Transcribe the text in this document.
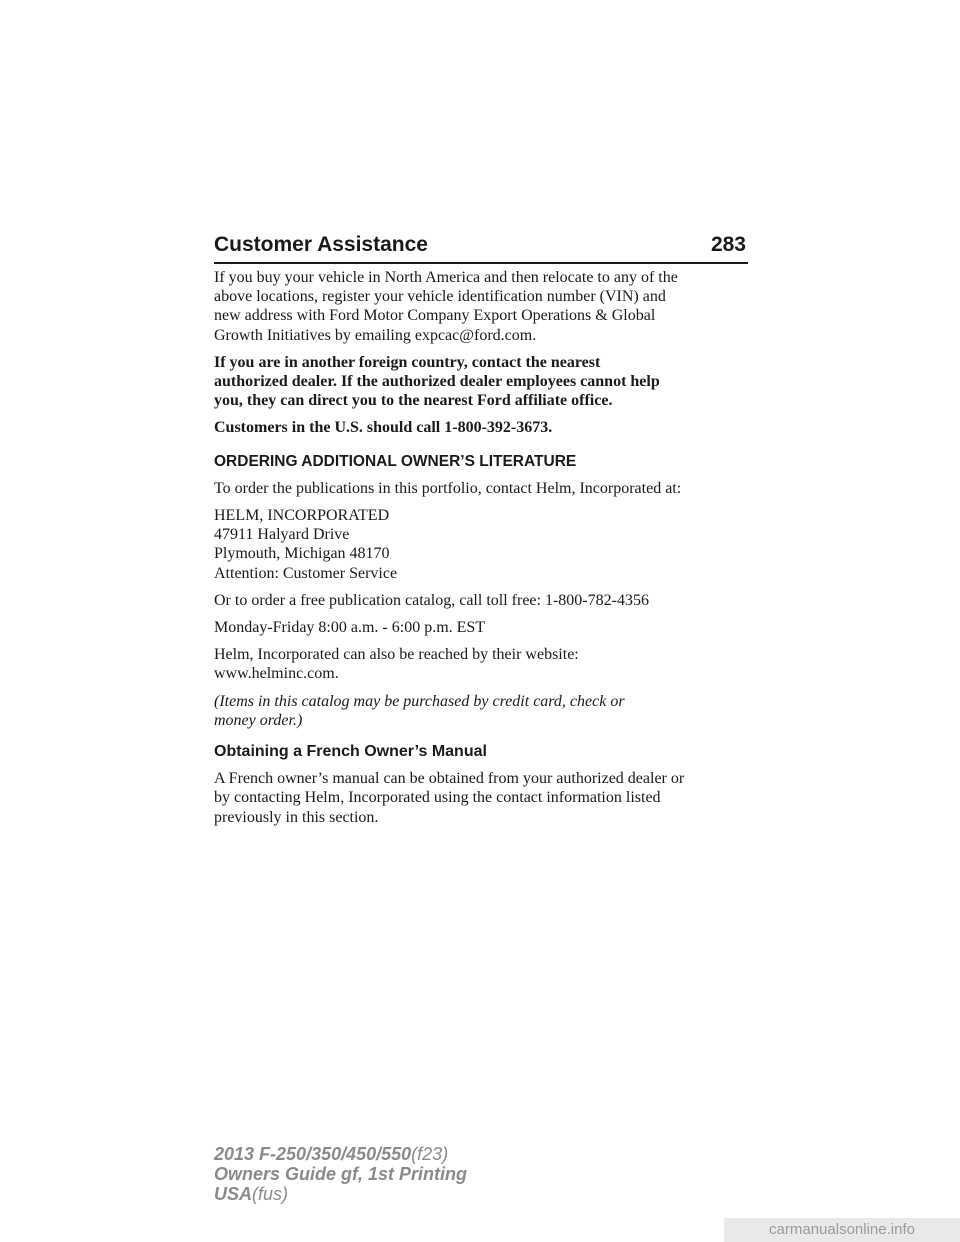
Customer Assistance	283

If you buy your vehicle in North America and then relocate to any of the
above locations, register your vehicle identification number (VIN) and
new address with Ford Motor Company Export Operations & Global
Growth Initiatives by emailing expcac@ford.com.

If you are in another foreign country, contact the nearest
authorized dealer. If the authorized dealer employees cannot help
you, they can direct you to the nearest Ford affiliate office.

Customers in the U.S. should call 1-800-392-3673.

ORDERING ADDITIONAL OWNER’S LITERATURE

To order the publications in this portfolio, contact Helm, Incorporated at:

HELM, INCORPORATED
47911 Halyard Drive
Plymouth, Michigan 48170
Attention: Customer Service

Or to order a free publication catalog, call toll free: 1-800-782-4356

Monday-Friday 8:00 a.m. - 6:00 p.m. EST

Helm, Incorporated can also be reached by their website:
www.helminc.com.

(Items in this catalog may be purchased by credit card, check or
money order.)

Obtaining a French Owner’s Manual

A French owner’s manual can be obtained from your authorized dealer or
by contacting Helm, Incorporated using the contact information listed
previously in this section.

2013 F-250/350/450/550(f23)
Owners Guide gf, 1st Printing
USA(fus)
carmanualsonline.info
